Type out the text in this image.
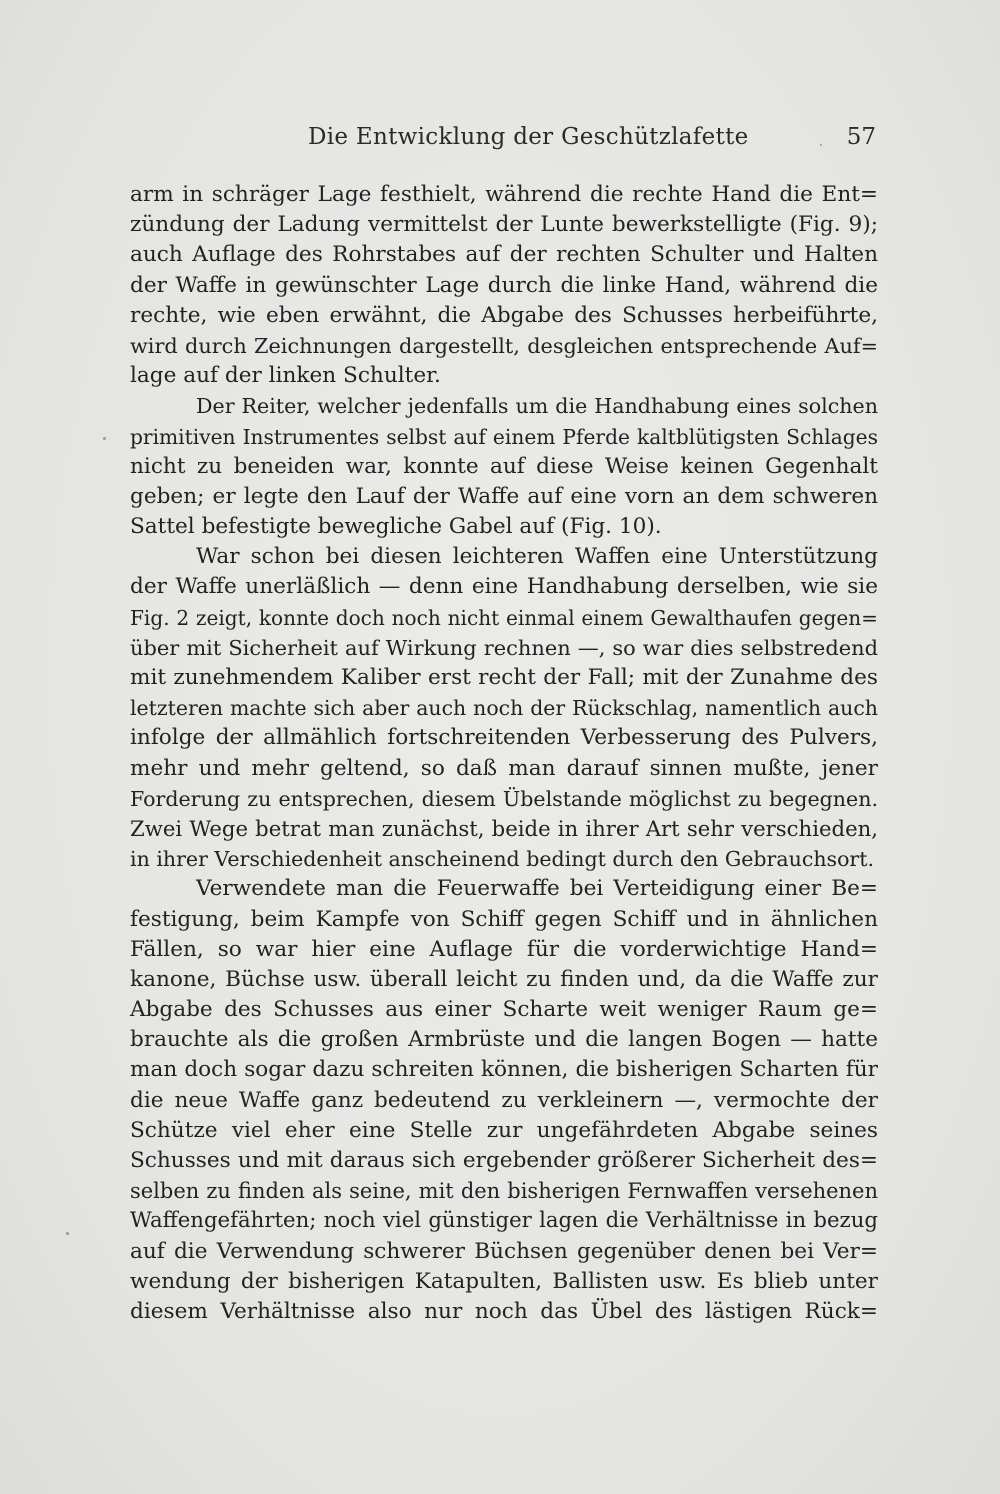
Die Entwicklung der Geschützlafette	57
arm in schräger Lage festhielt, während die rechte Hand die Ent=
zündung der Ladung vermittelst der Lunte bewerkstelligte (Fig. 9);
auch Auflage des Rohrstabes auf der rechten Schulter und Halten
der Waffe in gewünschter Lage durch die linke Hand, während die
rechte, wie eben erwähnt, die Abgabe des Schusses herbeiführte,
wird durch Zeichnungen dargestellt, desgleichen entsprechende Auf=
lage auf der linken Schulter.
Der Reiter, welcher jedenfalls um die Handhabung eines solchen
primitiven Instrumentes selbst auf einem Pferde kaltblütigsten Schlages
nicht zu beneiden war, konnte auf diese Weise keinen Gegenhalt
geben; er legte den Lauf der Waffe auf eine vorn an dem schweren
Sattel befestigte bewegliche Gabel auf (Fig. 10).
War schon bei diesen leichteren Waffen eine Unterstützung
der Waffe unerläßlich — denn eine Handhabung derselben, wie sie
Fig. 2 zeigt, konnte doch noch nicht einmal einem Gewalthaufen gegen=
über mit Sicherheit auf Wirkung rechnen —, so war dies selbstredend
mit zunehmendem Kaliber erst recht der Fall; mit der Zunahme des
letzteren machte sich aber auch noch der Rückschlag, namentlich auch
infolge der allmählich fortschreitenden Verbesserung des Pulvers,
mehr und mehr geltend, so daß man darauf sinnen mußte, jener
Forderung zu entsprechen, diesem Übelstande möglichst zu begegnen.
Zwei Wege betrat man zunächst, beide in ihrer Art sehr verschieden,
in ihrer Verschiedenheit anscheinend bedingt durch den Gebrauchsort.
Verwendete man die Feuerwaffe bei Verteidigung einer Be=
festigung, beim Kampfe von Schiff gegen Schiff und in ähnlichen
Fällen, so war hier eine Auflage für die vorderwichtige Hand=
kanone, Büchse usw. überall leicht zu finden und, da die Waffe zur
Abgabe des Schusses aus einer Scharte weit weniger Raum ge=
brauchte als die großen Armbrüste und die langen Bogen — hatte
man doch sogar dazu schreiten können, die bisherigen Scharten für
die neue Waffe ganz bedeutend zu verkleinern —, vermochte der
Schütze viel eher eine Stelle zur ungefährdeten Abgabe seines
Schusses und mit daraus sich ergebender größerer Sicherheit des=
selben zu finden als seine, mit den bisherigen Fernwaffen versehenen
Waffengefährten; noch viel günstiger lagen die Verhältnisse in bezug
auf die Verwendung schwerer Büchsen gegenüber denen bei Ver=
wendung der bisherigen Katapulten, Ballisten usw. Es blieb unter
diesem Verhältnisse also nur noch das Übel des lästigen Rück=
